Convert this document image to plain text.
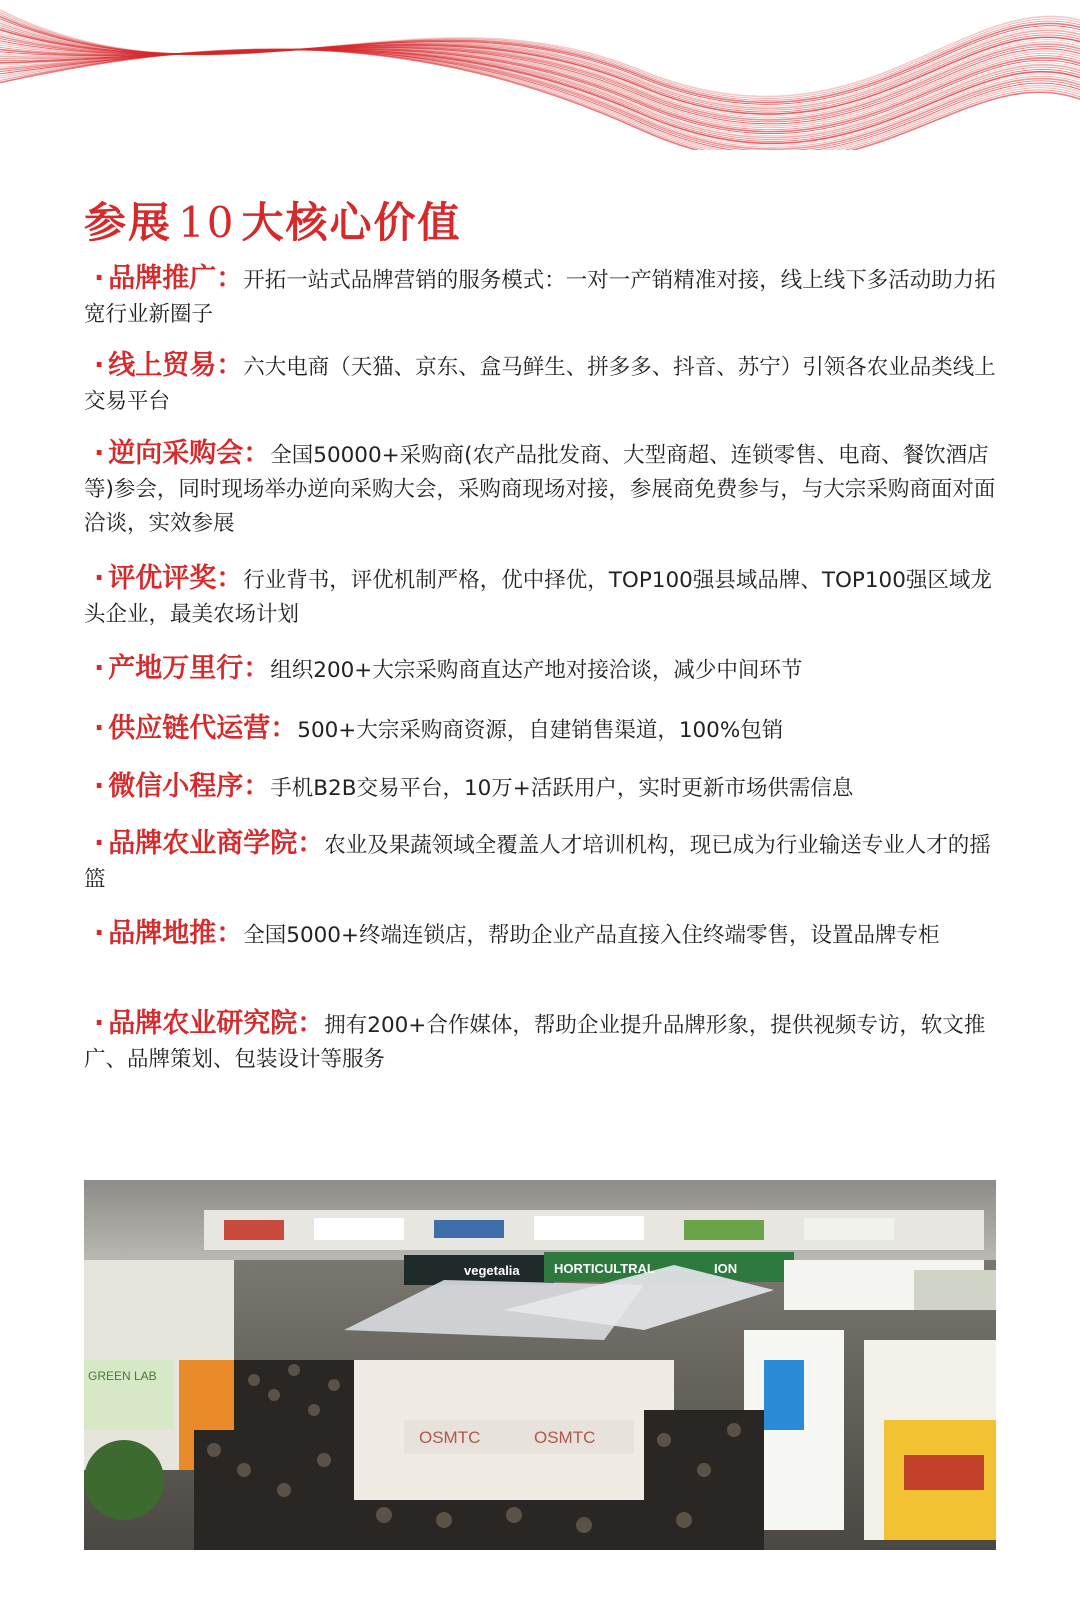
参展 10 大核心价值
· 品牌推广：开拓一站式品牌营销的服务模式：一对一产销精准对接，线上线下多活动助力拓宽行业新圈子
· 线上贸易：六大电商（天猫、京东、盒马鲜生、拼多多、抖音、苏宁）引领各农业品类线上交易平台
· 逆向采购会：全国50000+采购商(农产品批发商、大型商超、连锁零售、电商、餐饮酒店等)参会，同时现场举办逆向采购大会，采购商现场对接，参展商免费参与，与大宗采购商面对面洽谈，实效参展
· 评优评奖：行业背书，评优机制严格，优中择优，TOP100强县域品牌、TOP100强区域龙头企业，最美农场计划
· 产地万里行：组织200+大宗采购商直达产地对接洽谈，减少中间环节
· 供应链代运营：500+大宗采购商资源，自建销售渠道，100%包销
· 微信小程序：手机B2B交易平台，10万+活跃用户，实时更新市场供需信息
· 品牌农业商学院：农业及果蔬领域全覆盖人才培训机构，现已成为行业输送专业人才的摇篮
· 品牌地推：全国5000+终端连锁店，帮助企业产品直接入住终端零售，设置品牌专柜
· 品牌农业研究院：拥有200+合作媒体，帮助企业提升品牌形象，提供视频专访，软文推广、品牌策划、包装设计等服务
vegetalia	HORTICULTRAL	ION
OSMTC	OSMTC
GREEN LAB
